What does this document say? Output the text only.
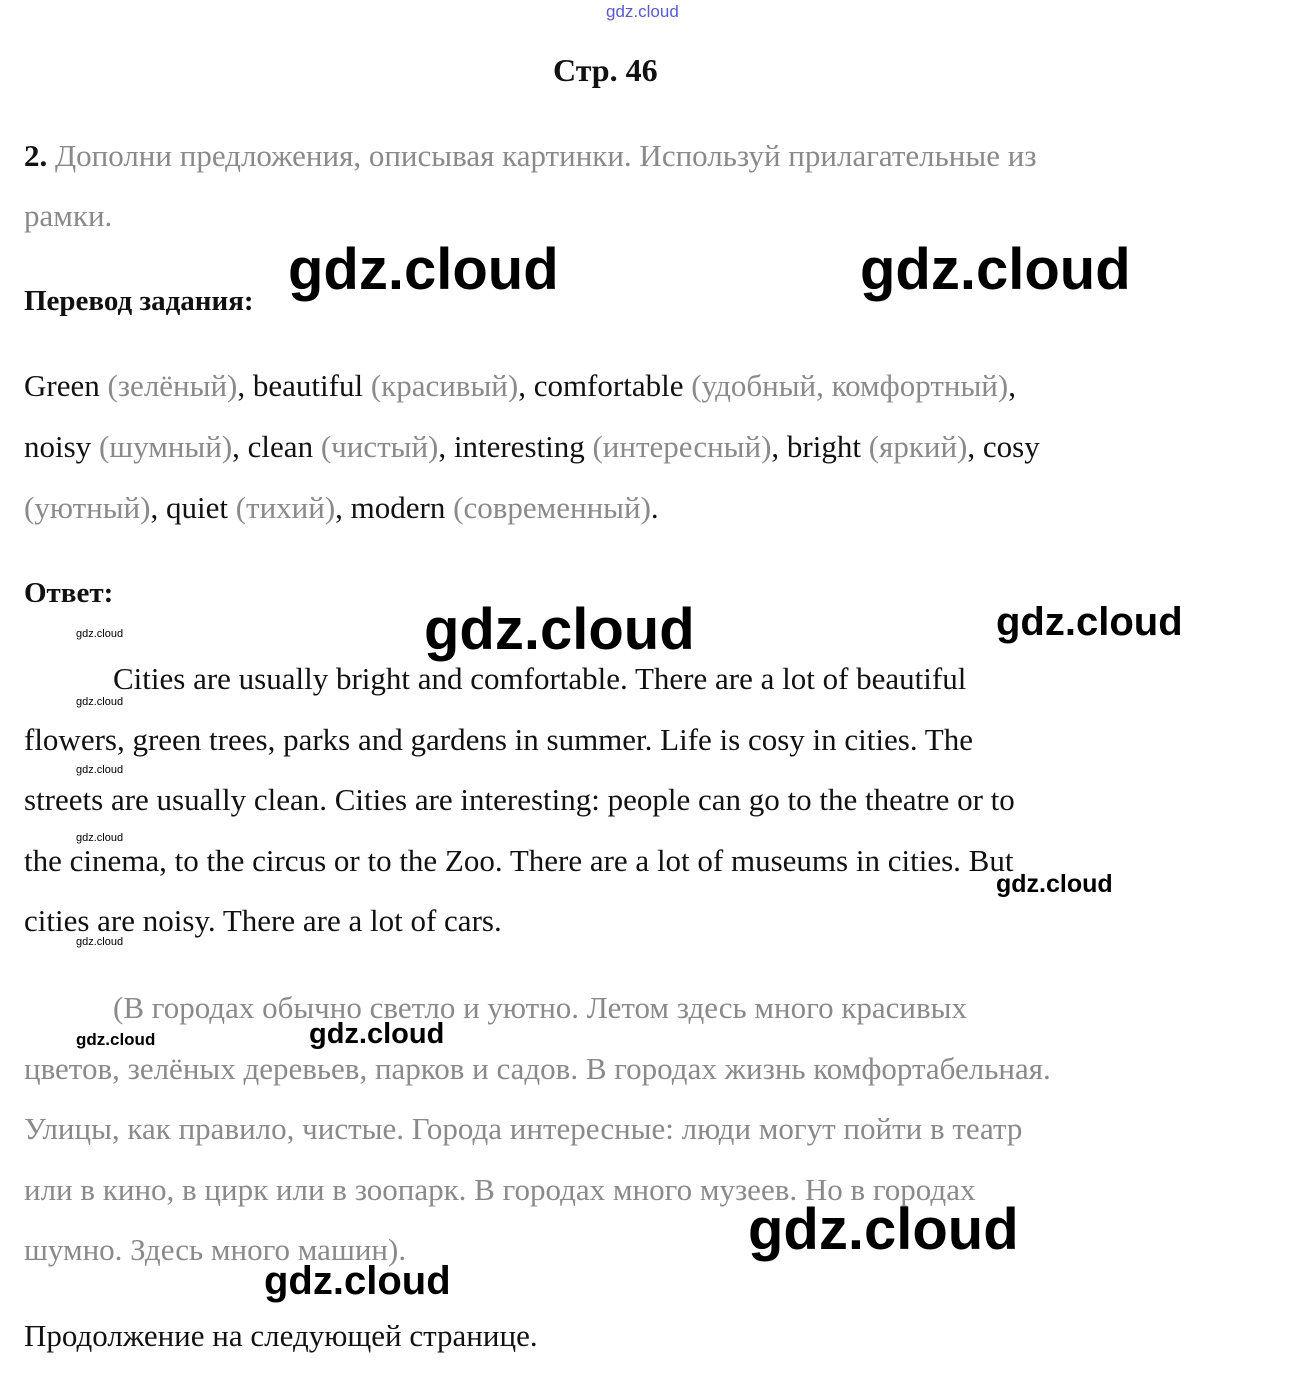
gdz.cloud
Стр. 46
2. Дополни предложения, описывая картинки. Используй прилагательные из
рамки.
Перевод задания:
Green (зелёный), beautiful (красивый), comfortable (удобный, комфортный),
noisy (шумный), clean (чистый), interesting (интересный), bright (яркий), cosy
(уютный), quiet (тихий), modern (современный).
Ответ:
Cities are usually bright and comfortable. There are a lot of beautiful
flowers, green trees, parks and gardens in summer. Life is cosy in cities. The
streets are usually clean. Cities are interesting: people can go to the theatre or to
the cinema, to the circus or to the Zoo. There are a lot of museums in cities. But
cities are noisy. There are a lot of cars.
(В городах обычно светло и уютно. Летом здесь много красивых
цветов, зелёных деревьев, парков и садов. В городах жизнь комфортабельная.
Улицы, как правило, чистые. Города интересные: люди могут пойти в театр
или в кино, в цирк или в зоопарк. В городах много музеев. Но в городах
шумно. Здесь много машин).
Продолжение на следующей странице.
gdz.cloud	gdz.cloud
gdz.cloud	gdz.cloud
gdz.cloud
gdz.cloud
gdz.cloud
gdz.cloud
gdz.cloud
gdz.cloud
gdz.cloud
gdz.cloud
gdz.cloud
gdz.cloud
